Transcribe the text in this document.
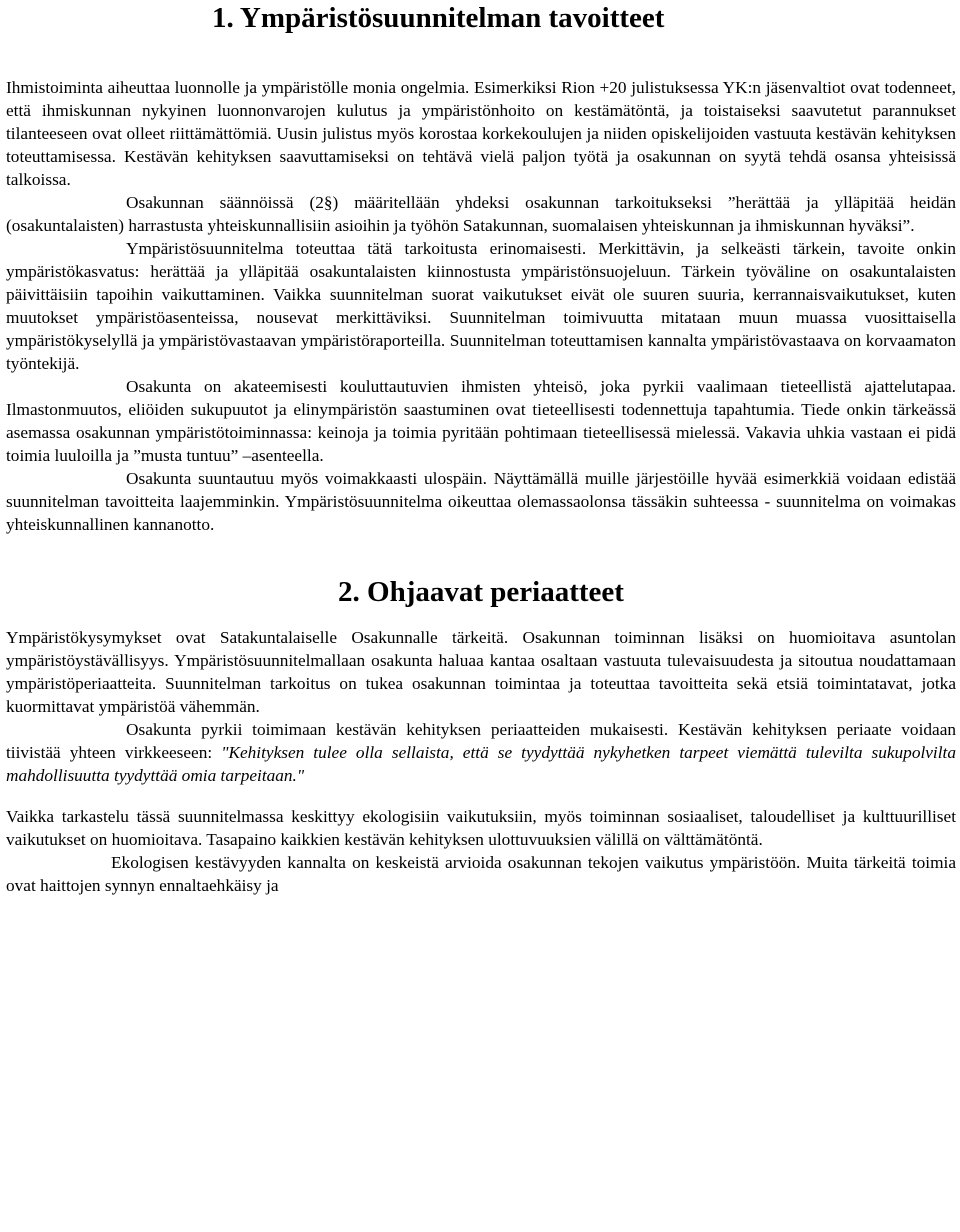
1. Ympäristösuunnitelman tavoitteet

Ihmistoiminta aiheuttaa luonnolle ja ympäristölle monia ongelmia. Esimerkiksi Rion +20 julistuksessa YK:n jäsenvaltiot ovat todenneet, että ihmiskunnan nykyinen luonnonvarojen kulutus ja ympäristönhoito on kestämätöntä, ja toistaiseksi saavutetut parannukset tilanteeseen ovat olleet riittämättömiä. Uusin julistus myös korostaa korkekoulujen ja niiden opiskelijoiden vastuuta kestävän kehityksen toteuttamisessa. Kestävän kehityksen saavuttamiseksi on tehtävä vielä paljon työtä ja osakunnan on syytä tehdä osansa yhteisissä talkoissa.

Osakunnan säännöissä (2§) määritellään yhdeksi osakunnan tarkoitukseksi ”herättää ja ylläpitää heidän (osakuntalaisten) harrastusta yhteiskunnallisiin asioihin ja työhön Satakunnan, suomalaisen yhteiskunnan ja ihmiskunnan hyväksi”.

Ympäristösuunnitelma toteuttaa tätä tarkoitusta erinomaisesti. Merkittävin, ja selkeästi tärkein, tavoite onkin ympäristökasvatus: herättää ja ylläpitää osakuntalaisten kiinnostusta ympäristönsuojeluun. Tärkein työväline on osakuntalaisten päivittäisiin tapoihin vaikuttaminen. Vaikka suunnitelman suorat vaikutukset eivät ole suuren suuria, kerrannaisvaikutukset, kuten muutokset ympäristöasenteissa, nousevat merkittäviksi. Suunnitelman toimivuutta mitataan muun muassa vuosittaisella ympäristökyselyllä ja ympäristövastaavan ympäristöraporteilla. Suunnitelman toteuttamisen kannalta ympäristövastaava on korvaamaton työntekijä.

Osakunta on akateemisesti kouluttautuvien ihmisten yhteisö, joka pyrkii vaalimaan tieteellistä ajattelutapaa. Ilmastonmuutos, eliöiden sukupuutot ja elinympäristön saastuminen ovat tieteellisesti todennettuja tapahtumia. Tiede onkin tärkeässä asemassa osakunnan ympäristötoiminnassa: keinoja ja toimia pyritään pohtimaan tieteellisessä mielessä. Vakavia uhkia vastaan ei pidä toimia luuloilla ja ”musta tuntuu” –asenteella.

Osakunta suuntautuu myös voimakkaasti ulospäin. Näyttämällä muille järjestöille hyvää esimerkkiä voidaan edistää suunnitelman tavoitteita laajemminkin. Ympäristösuunnitelma oikeuttaa olemassaolonsa tässäkin suhteessa - suunnitelma on voimakas yhteiskunnallinen kannanotto.

2. Ohjaavat periaatteet

Ympäristökysymykset ovat Satakuntalaiselle Osakunnalle tärkeitä. Osakunnan toiminnan lisäksi on huomioitava asuntolan ympäristöystävällisyys. Ympäristösuunnitelmallaan osakunta haluaa kantaa osaltaan vastuuta tulevaisuudesta ja sitoutua noudattamaan ympäristöperiaatteita. Suunnitelman tarkoitus on tukea osakunnan toimintaa ja toteuttaa tavoitteita sekä etsiä toimintatavat, jotka kuormittavat ympäristöä vähemmän.

Osakunta pyrkii toimimaan kestävän kehityksen periaatteiden mukaisesti. Kestävän kehityksen periaate voidaan tiivistää yhteen virkkeeseen: "Kehityksen tulee olla sellaista, että se tyydyttää nykyhetken tarpeet viemättä tulevilta sukupolvilta mahdollisuutta tyydyttää omia tarpeitaan."

Vaikka tarkastelu tässä suunnitelmassa keskittyy ekologisiin vaikutuksiin, myös toiminnan sosiaaliset, taloudelliset ja kulttuurilliset vaikutukset on huomioitava. Tasapaino kaikkien kestävän kehityksen ulottuvuuksien välillä on välttämätöntä.

Ekologisen kestävyyden kannalta on keskeistä arvioida osakunnan tekojen vaikutus ympäristöön. Muita tärkeitä toimia ovat haittojen synnyn ennaltaehkäisy ja
